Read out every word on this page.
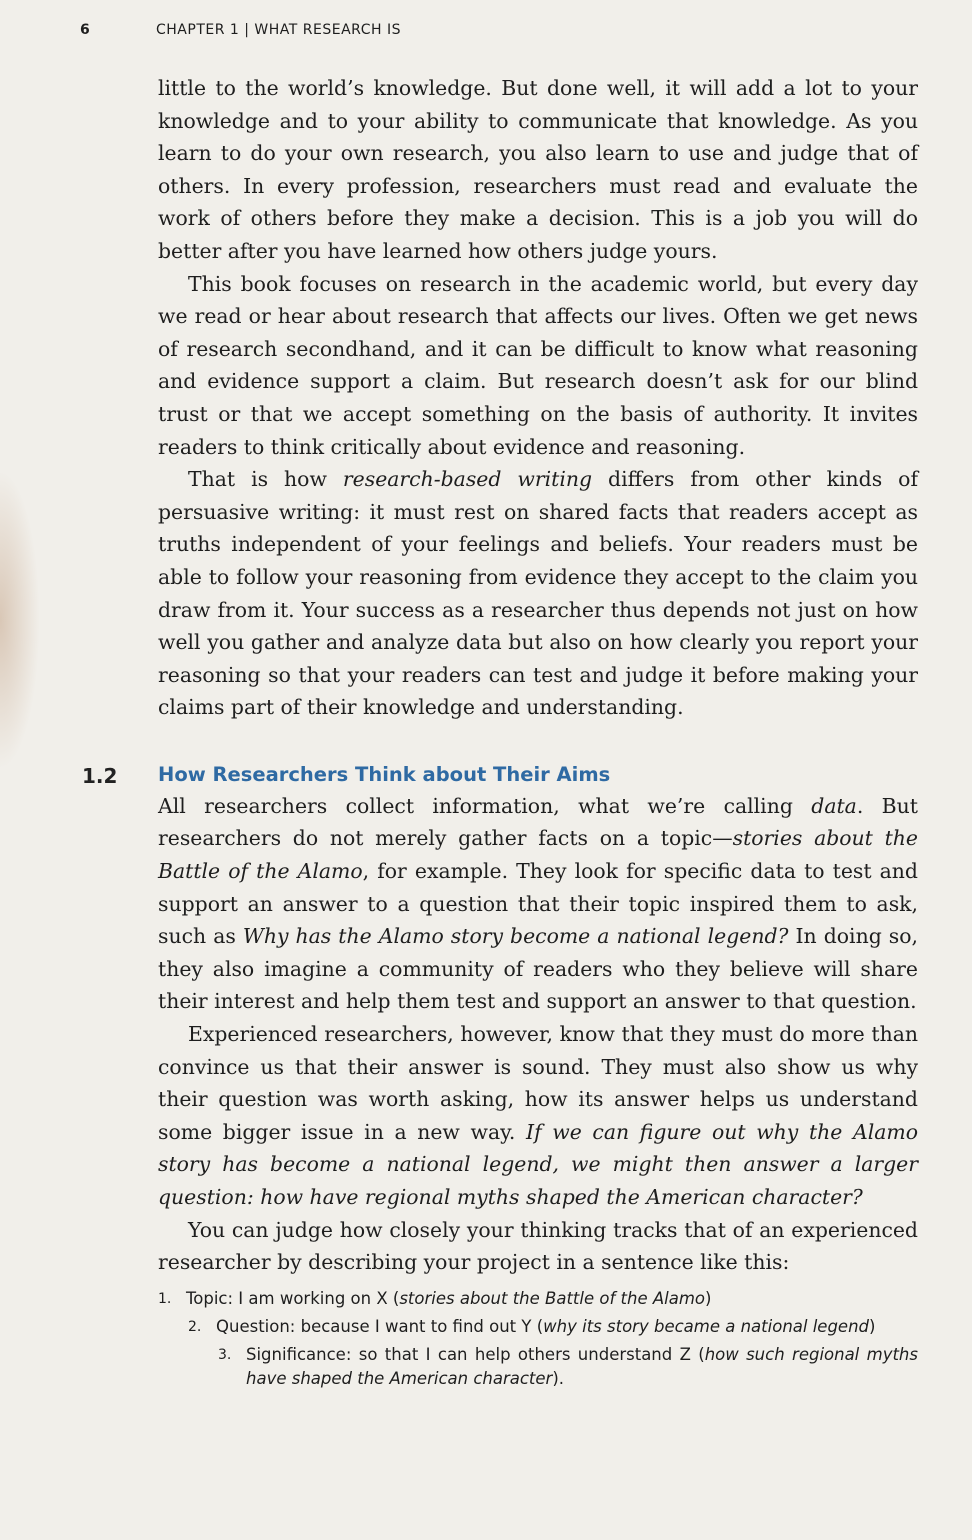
6	CHAPTER 1 | WHAT RESEARCH IS

little to the world’s knowledge. But done well, it will add a lot to your knowledge and to your ability to communicate that knowledge. As you learn to do your own research, you also learn to use and judge that of others. In every profession, researchers must read and evaluate the work of others before they make a decision. This is a job you will do better after you have learned how others judge yours.

This book focuses on research in the academic world, but every day we read or hear about research that affects our lives. Often we get news of research secondhand, and it can be difficult to know what reasoning and evidence support a claim. But research doesn’t ask for our blind trust or that we accept something on the basis of authority. It invites readers to think critically about evidence and reasoning.

That is how research-based writing differs from other kinds of persuasive writing: it must rest on shared facts that readers accept as truths independent of your feelings and beliefs. Your readers must be able to follow your reasoning from evidence they accept to the claim you draw from it. Your success as a researcher thus depends not just on how well you gather and analyze data but also on how clearly you report your reasoning so that your readers can test and judge it before making your claims part of their knowledge and understanding.

1.2 How Researchers Think about Their Aims

All researchers collect information, what we’re calling data. But researchers do not merely gather facts on a topic—stories about the Battle of the Alamo, for example. They look for specific data to test and support an answer to a question that their topic inspired them to ask, such as Why has the Alamo story become a national legend? In doing so, they also imagine a community of readers who they believe will share their interest and help them test and support an answer to that question.

Experienced researchers, however, know that they must do more than convince us that their answer is sound. They must also show us why their question was worth asking, how its answer helps us understand some bigger issue in a new way. If we can figure out why the Alamo story has become a national legend, we might then answer a larger question: how have regional myths shaped the American character?

You can judge how closely your thinking tracks that of an experienced researcher by describing your project in a sentence like this:

1. Topic: I am working on X (stories about the Battle of the Alamo)
2. Question: because I want to find out Y (why its story became a national legend)
3. Significance: so that I can help others understand Z (how such regional myths have shaped the American character).
